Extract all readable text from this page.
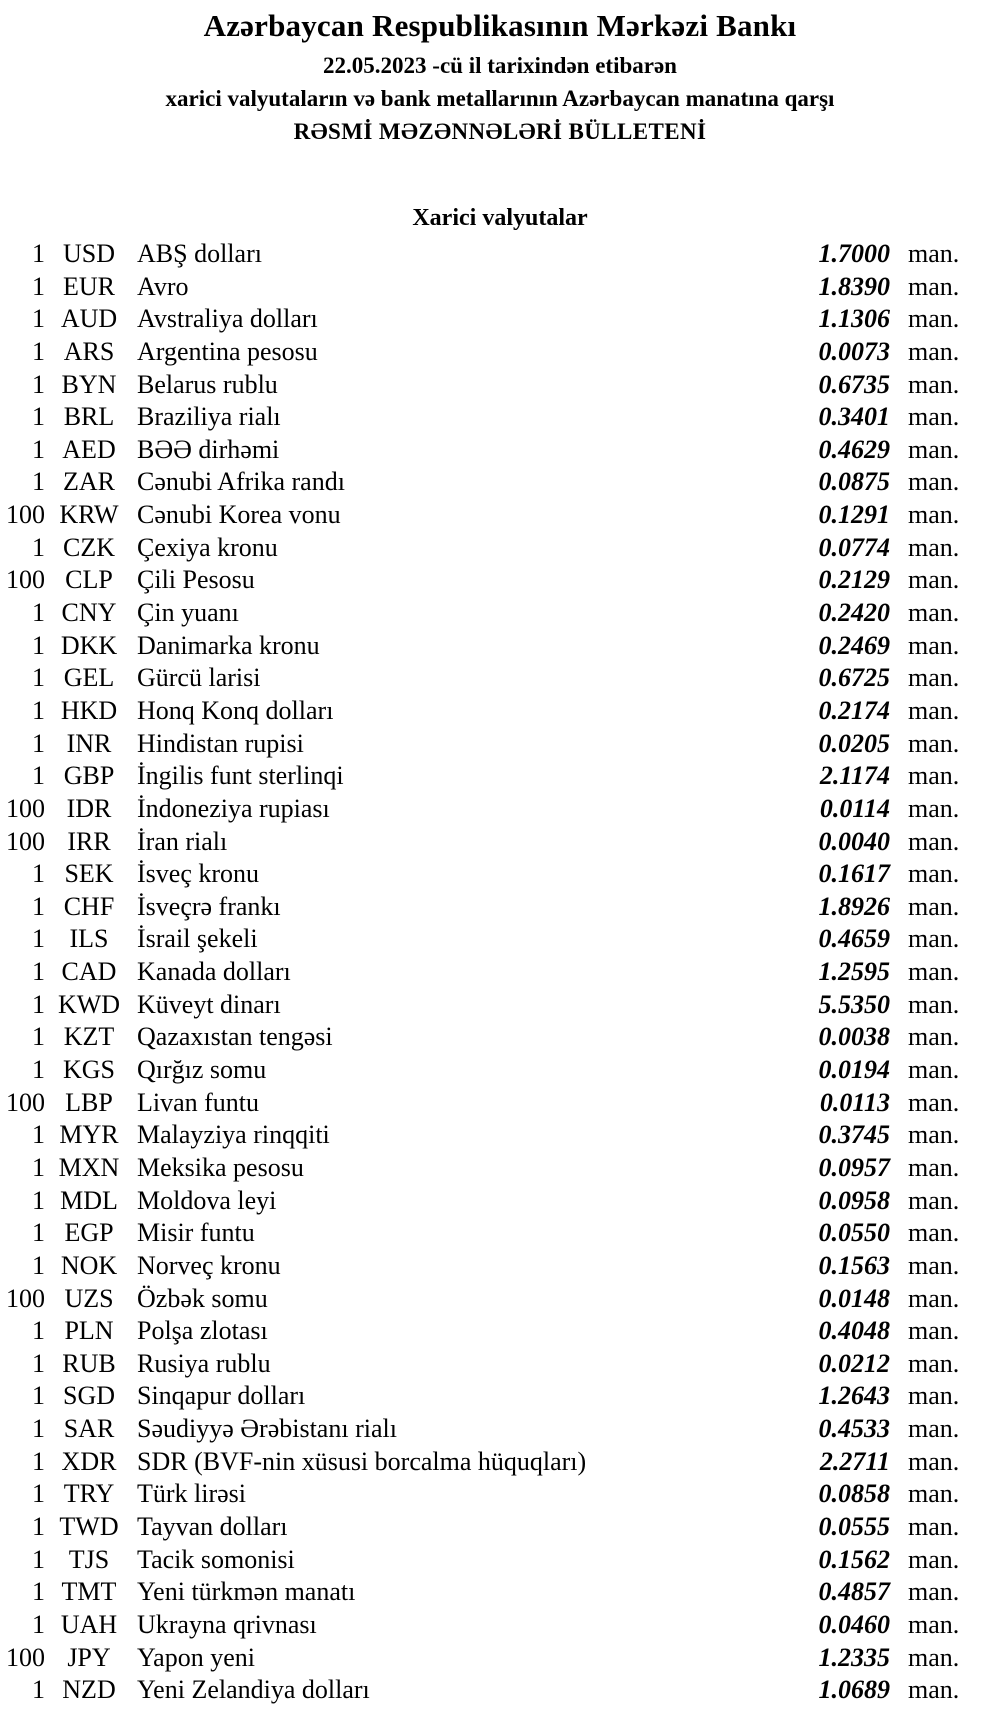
Azərbaycan Respublikasının Mərkəzi Bankı
22.05.2023 -cü il tarixindən etibarən
xarici valyutaların və bank metallarının Azərbaycan manatına qarşı
RƏSMİ MƏZƏNNƏLƏRİ BÜLLETENİ
Xarici valyutalar
1 USD ABŞ dolları	1.7000 man.
1 EUR Avro	1.8390 man.
1 AUD Avstraliya dolları	1.1306 man.
1 ARS Argentina pesosu	0.0073 man.
1 BYN Belarus rublu	0.6735 man.
1 BRL Braziliya rialı	0.3401 man.
1 AED BƏƏ dirhəmi	0.4629 man.
1 ZAR Cənubi Afrika randı	0.0875 man.
100 KRW Cənubi Korea vonu	0.1291 man.
1 CZK Çexiya kronu	0.0774 man.
100 CLP Çili Pesosu	0.2129 man.
1 CNY Çin yuanı	0.2420 man.
1 DKK Danimarka kronu	0.2469 man.
1 GEL Gürcü larisi	0.6725 man.
1 HKD Honq Konq dolları	0.2174 man.
1 INR Hindistan rupisi	0.0205 man.
1 GBP İngilis funt sterlinqi	2.1174 man.
100 IDR İndoneziya rupiası	0.0114 man.
100 IRR	İran rialı	0.0040 man.
1 SEK İsveç kronu	0.1617 man.
1 CHF İsveçrə frankı	1.8926 man.
1 ILS	İsrail şekeli	0.4659 man.
1 CAD Kanada dolları	1.2595 man.
1 KWD Küveyt dinarı	5.5350 man.
1 KZT Qazaxıstan tengəsi	0.0038 man.
1 KGS Qırğız somu	0.0194 man.
100 LBP Livan funtu	0.0113 man.
1 MYR Malayziya rinqqiti	0.3745 man.
1 MXN Meksika pesosu	0.0957 man.
1 MDL Moldova leyi	0.0958 man.
1 EGP Misir funtu	0.0550 man.
1 NOK Norveç kronu	0.1563 man.
100 UZS Özbək somu	0.0148 man.
1 PLN Polşa zlotası	0.4048 man.
1 RUB Rusiya rublu	0.0212 man.
1 SGD Sinqapur dolları	1.2643 man.
1 SAR Səudiyyə Ərəbistanı rialı	0.4533 man.
1 XDR SDR (BVF-nin xüsusi borcalma hüquqları)	2.2711 man.
1 TRY Türk lirəsi	0.0858 man.
1 TWD Tayvan dolları	0.0555 man.
1 TJS	Tacik somonisi	0.1562 man.
1 TMT Yeni türkmən manatı	0.4857 man.
1 UAH Ukrayna qrivnası	0.0460 man.
100 JPY	Yapon yeni	1.2335 man.
1 NZD Yeni Zelandiya dolları	1.0689 man.
